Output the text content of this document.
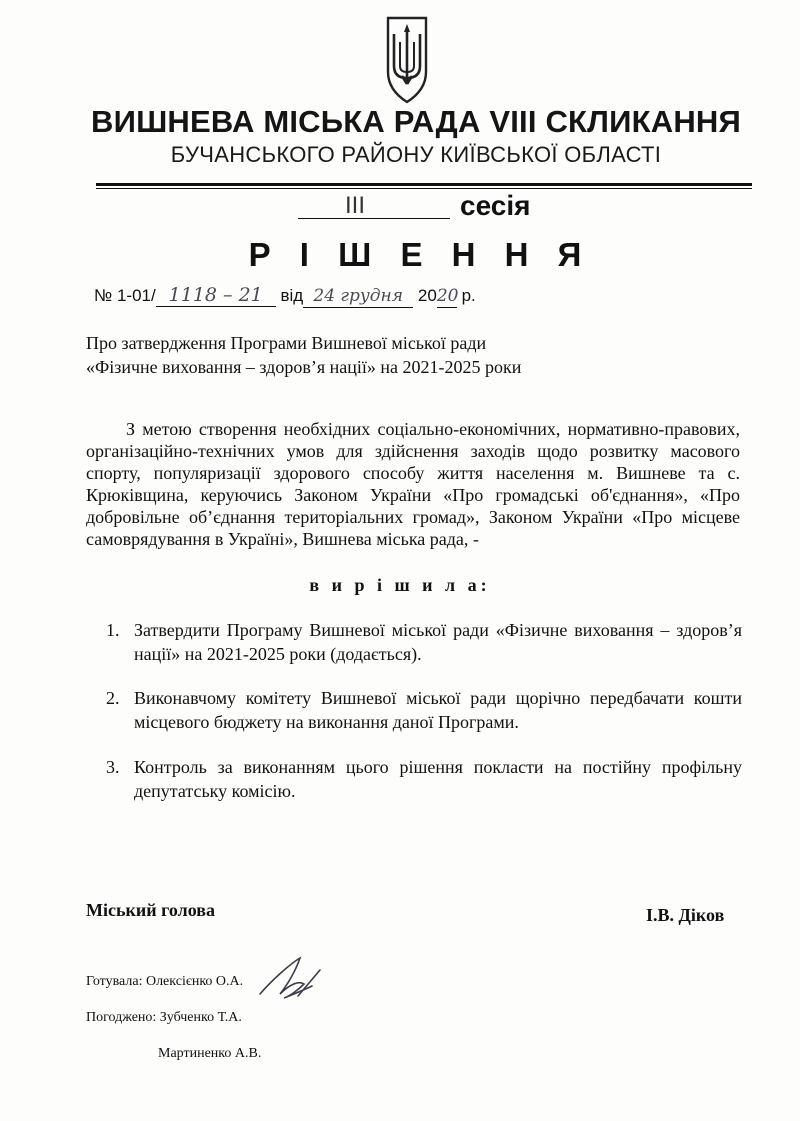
ВИШНЕВА МІСЬКА РАДА VIII СКЛИКАННЯ
БУЧАНСЬКОГО РАЙОНУ КИЇВСЬКОЇ ОБЛАСТІ
III	сесія
Р І Ш Е Н Н Я
№ 1-01/ 1118 – 21 від 24 грудня 2020 р.
Про затвердження Програми Вишневої міської ради
«Фізичне виховання – здоров’я нації» на 2021-2025 роки
З метою створення необхідних соціально-економічних, нормативно-правових, організаційно-технічних умов для здійснення заходів щодо розвитку масового спорту, популяризації здорового способу життя населення м. Вишневе та с. Крюківщина, керуючись Законом України «Про громадські об'єднання», «Про добровільне об’єднання територіальних громад», Законом України «Про місцеве самоврядування в Україні», Вишнева міська рада, -
в и р і ш и л а:
1. Затвердити Програму Вишневої міської ради «Фізичне виховання – здоров’я нації» на 2021-2025 роки (додається).
2. Виконавчому комітету Вишневої міської ради щорічно передбачати кошти місцевого бюджету на виконання даної Програми.
3. Контроль за виконанням цього рішення покласти на постійну профільну депутатську комісію.
Міський голова	І.В. Діков
Готувала: Олексієнко О.А.
Погоджено: Зубченко Т.А.
Мартиненко А.В.
